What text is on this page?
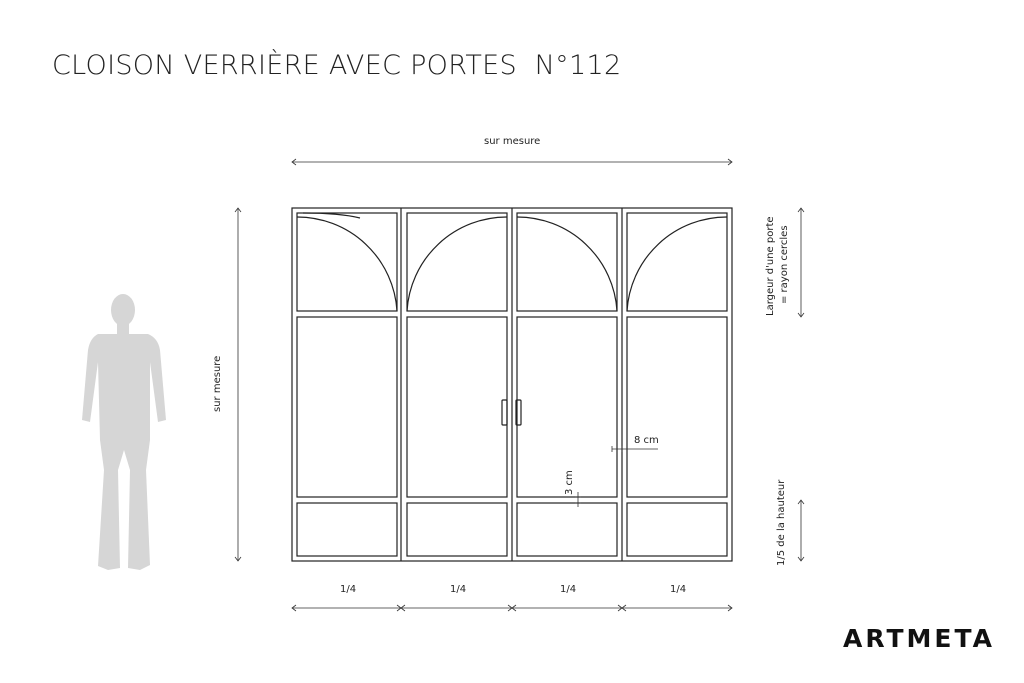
CLOISON VERRIÈRE AVEC PORTES  N°112
sur mesure
sur mesure
Largeur d'une porte = rayon cercles
1/5 de la hauteur
8 cm
3 cm
1/4	1/4	1/4	1/4
ARTMETA
